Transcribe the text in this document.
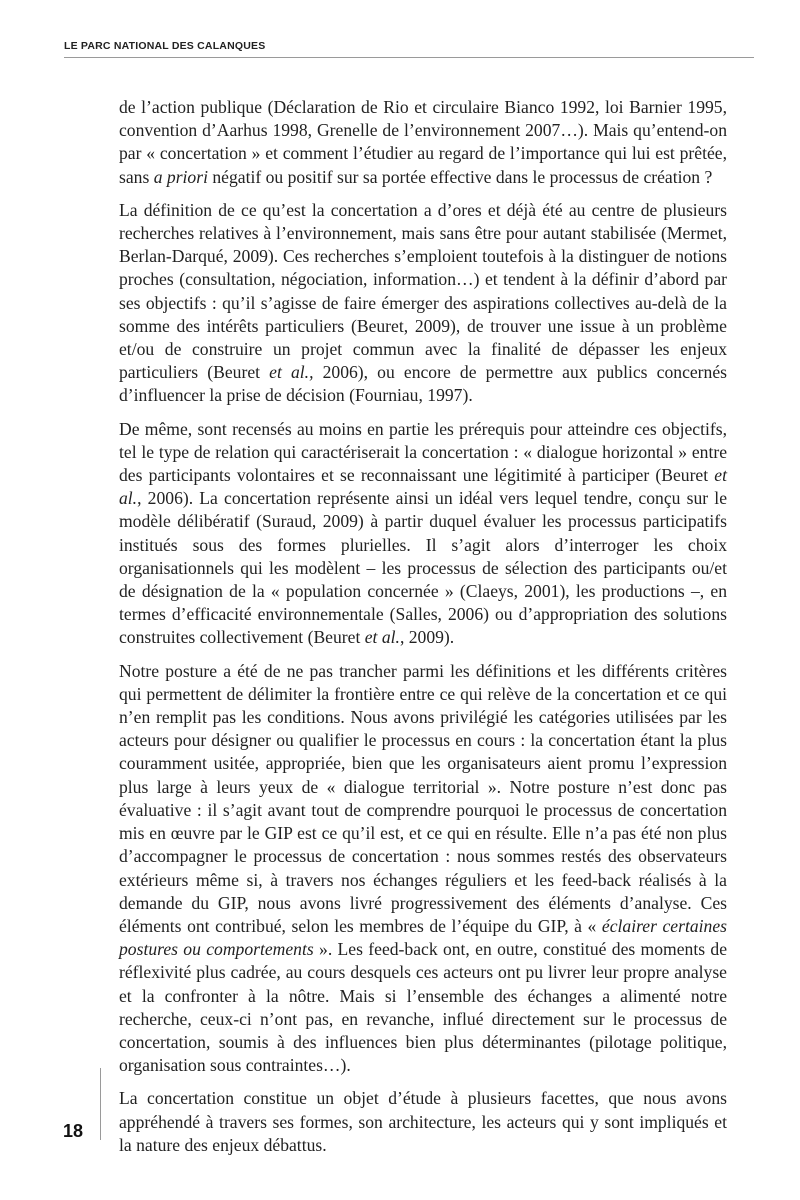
LE PARC NATIONAL DES CALANQUES

de l’action publique (Déclaration de Rio et circulaire Bianco 1992, loi Barnier 1995, convention d’Aarhus 1998, Grenelle de l’environnement 2007…). Mais qu’entend-on par « concertation » et comment l’étudier au regard de l’importance qui lui est prêtée, sans a priori négatif ou positif sur sa portée effective dans le processus de création ?

La définition de ce qu’est la concertation a d’ores et déjà été au centre de plusieurs recherches relatives à l’environnement, mais sans être pour autant stabilisée (Mermet, Berlan-Darqué, 2009). Ces recherches s’emploient toutefois à la distinguer de notions proches (consultation, négociation, information…) et tendent à la définir d’abord par ses objectifs : qu’il s’agisse de faire émerger des aspirations collectives au-delà de la somme des intérêts particuliers (Beuret, 2009), de trouver une issue à un problème et/ou de construire un projet commun avec la finalité de dépasser les enjeux particuliers (Beuret et al., 2006), ou encore de permettre aux publics concernés d’influencer la prise de décision (Fourniau, 1997).

De même, sont recensés au moins en partie les prérequis pour atteindre ces objectifs, tel le type de relation qui caractériserait la concertation : « dialogue horizontal » entre des participants volontaires et se reconnaissant une légitimité à participer (Beuret et al., 2006). La concertation représente ainsi un idéal vers lequel tendre, conçu sur le modèle délibératif (Suraud, 2009) à partir duquel évaluer les processus participatifs institués sous des formes plurielles. Il s’agit alors d’interroger les choix organisationnels qui les modèlent – les processus de sélection des participants ou/et de désignation de la « population concernée » (Claeys, 2001), les productions –, en termes d’efficacité environnementale (Salles, 2006) ou d’appropriation des solutions construites collectivement (Beuret et al., 2009).

Notre posture a été de ne pas trancher parmi les définitions et les différents critères qui permettent de délimiter la frontière entre ce qui relève de la concertation et ce qui n’en remplit pas les conditions. Nous avons privilégié les catégories utilisées par les acteurs pour désigner ou qualifier le processus en cours : la concertation étant la plus couramment usitée, appropriée, bien que les organisateurs aient promu l’expression plus large à leurs yeux de « dialogue territorial ». Notre posture n’est donc pas évaluative : il s’agit avant tout de comprendre pourquoi le processus de concertation mis en œuvre par le GIP est ce qu’il est, et ce qui en résulte. Elle n’a pas été non plus d’accompagner le processus de concertation : nous sommes restés des observateurs extérieurs même si, à travers nos échanges réguliers et les feed-back réalisés à la demande du GIP, nous avons livré progressivement des éléments d’analyse. Ces éléments ont contribué, selon les membres de l’équipe du GIP, à « éclairer certaines postures ou comportements ». Les feed-back ont, en outre, constitué des moments de réflexivité plus cadrée, au cours desquels ces acteurs ont pu livrer leur propre analyse et la confronter à la nôtre. Mais si l’ensemble des échanges a alimenté notre recherche, ceux-ci n’ont pas, en revanche, influé directement sur le processus de concertation, soumis à des influences bien plus déterminantes (pilotage politique, organisation sous contraintes…).

La concertation constitue un objet d’étude à plusieurs facettes, que nous avons appréhendé à travers ses formes, son architecture, les acteurs qui y sont impliqués et la nature des enjeux débattus.

18
